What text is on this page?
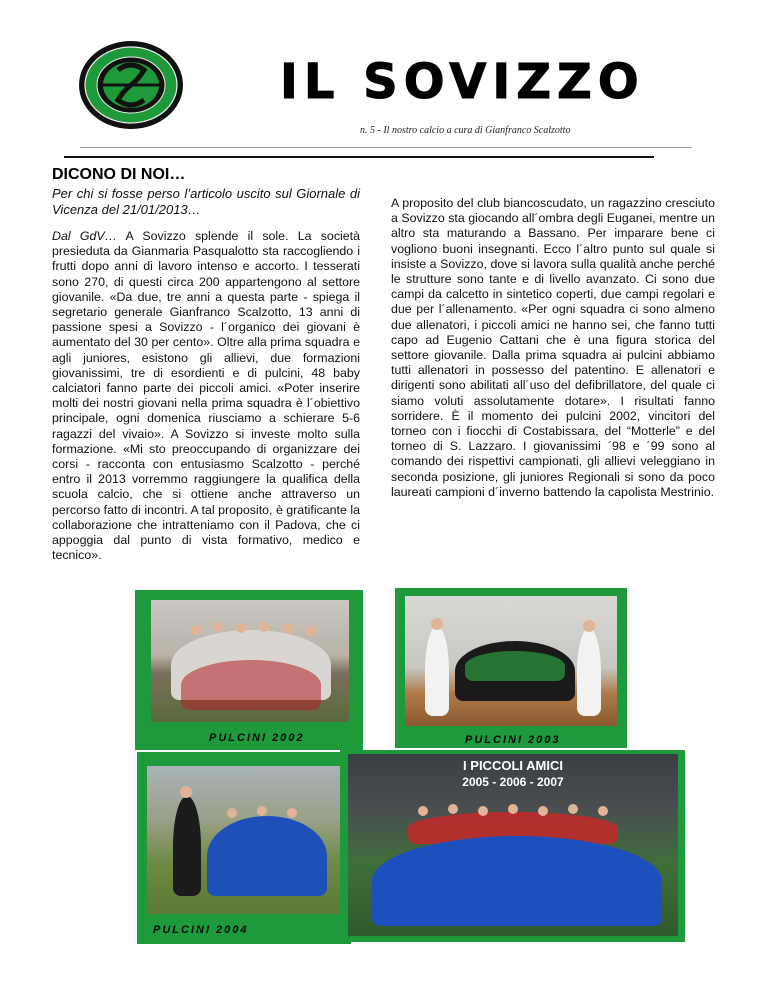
IL SOVIZZO
n. 5 - Il nostro calcio a cura di Gianfranco Scalzotto
DICONO DI NOI…
Per chi si fosse perso l’articolo uscito sul Giornale di Vicenza del 21/01/2013…
Dal GdV… A Sovizzo splende il sole. La società presieduta da Gianmaria Pasqualotto sta raccogliendo i frutti dopo anni di lavoro intenso e accorto. I tesserati sono 270, di questi circa 200 appartengono al settore giovanile. «Da due, tre anni a questa parte - spiega il segretario generale Gianfranco Scalzotto, 13 anni di passione spesi a Sovizzo - l´organico dei giovani è aumentato del 30 per cento». Oltre alla prima squadra e agli juniores, esistono gli allievi, due formazioni giovanissimi, tre di esordienti e di pulcini, 48 baby calciatori fanno parte dei piccoli amici. «Poter inserire molti dei nostri giovani nella prima squadra è l´obiettivo principale, ogni domenica riusciamo a schierare 5-6 ragazzi del vivaio». A Sovizzo si investe molto sulla formazione. «Mi sto preoccupando di organizzare dei corsi - racconta con entusiasmo Scalzotto - perché entro il 2013 vorremmo raggiungere la qualifica della scuola calcio, che si ottiene anche attraverso un percorso fatto di incontri. A tal proposito, è gratificante la collaborazione che intratteniamo con il Padova, che ci appoggia dal punto di vista formativo, medico e tecnico».
A proposito del club biancoscudato, un ragazzino cresciuto a Sovizzo sta giocando all´ombra degli Euganei, mentre un altro sta maturando a Bassano. Per imparare bene ci vogliono buoni insegnanti. Ecco l´altro punto sul quale si insiste a Sovizzo, dove si lavora sulla qualità anche perché le strutture sono tante e di livello avanzato. Ci sono due campi da calcetto in sintetico coperti, due campi regolari e due per l´allenamento. «Per ogni squadra ci sono almeno due allenatori, i piccoli amici ne hanno sei, che fanno tutti capo ad Eugenio Cattani che è una figura storica del settore giovanile. Dalla prima squadra ai pulcini abbiamo tutti allenatori in possesso del patentino. E allenatori e dirigenti sono abilitati all´uso del defibrillatore, del quale ci siamo voluti assolutamente dotare». I risultati fanno sorridere. È il momento dei pulcini 2002, vincitori del torneo con i fiocchi di Costabissara, del “Motterle” e del torneo di S. Lazzaro. I giovanissimi ´98 e ´99 sono al comando dei rispettivi campionati, gli allievi veleggiano in seconda posizione, gli juniores Regionali si sono da poco laureati campioni d´inverno battendo la capolista Mestrinio.
PULCINI 2002	PULCINI 2003
PULCINI 2004
I PICCOLI AMICI
2005 - 2006 - 2007
